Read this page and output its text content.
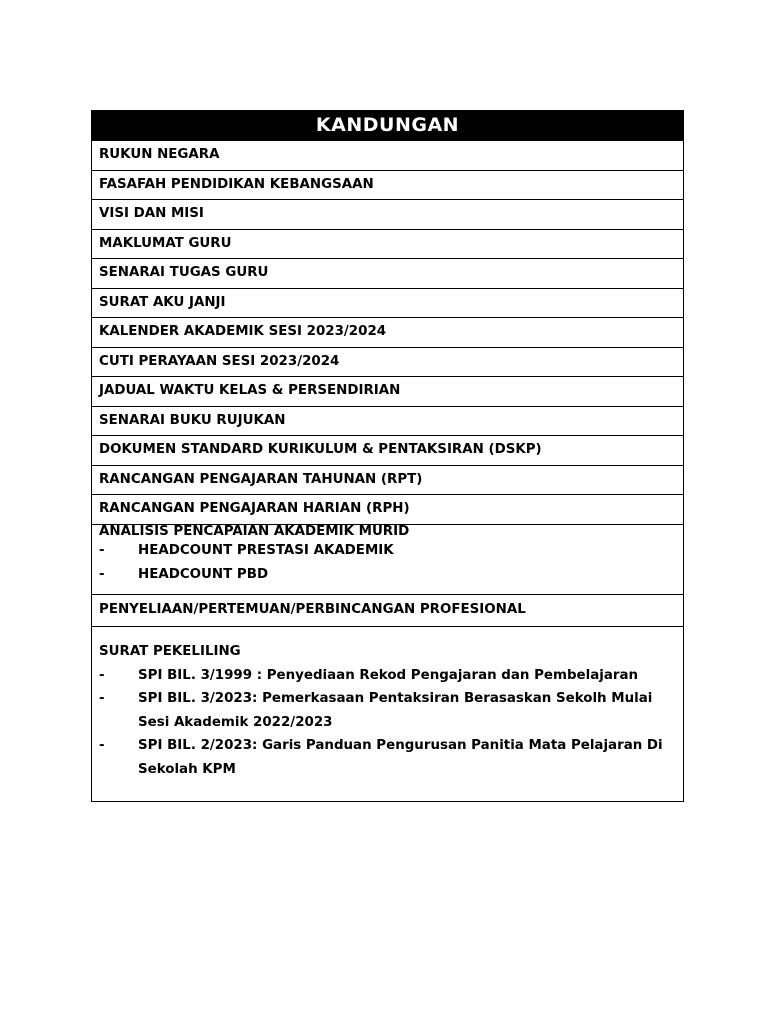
KANDUNGAN
RUKUN NEGARA
FASAFAH PENDIDIKAN KEBANGSAAN
VISI DAN MISI
MAKLUMAT GURU
SENARAI TUGAS GURU
SURAT AKU JANJI
KALENDER AKADEMIK SESI 2023/2024
CUTI PERAYAAN SESI 2023/2024
JADUAL WAKTU KELAS & PERSENDIRIAN
SENARAI BUKU RUJUKAN
DOKUMEN STANDARD KURIKULUM & PENTAKSIRAN (DSKP)
RANCANGAN PENGAJARAN TAHUNAN (RPT)
RANCANGAN PENGAJARAN HARIAN (RPH)
ANALISIS PENCAPAIAN AKADEMIK MURID
-	HEADCOUNT PRESTASI AKADEMIK
-	HEADCOUNT PBD
PENYELIAAN/PERTEMUAN/PERBINCANGAN PROFESIONAL
SURAT PEKELILING
-	SPI BIL. 3/1999 : Penyediaan Rekod Pengajaran dan Pembelajaran
-	SPI BIL. 3/2023: Pemerkasaan Pentaksiran Berasaskan Sekolh Mulai Sesi Akademik 2022/2023
-	SPI BIL. 2/2023: Garis Panduan Pengurusan Panitia Mata Pelajaran Di Sekolah KPM
